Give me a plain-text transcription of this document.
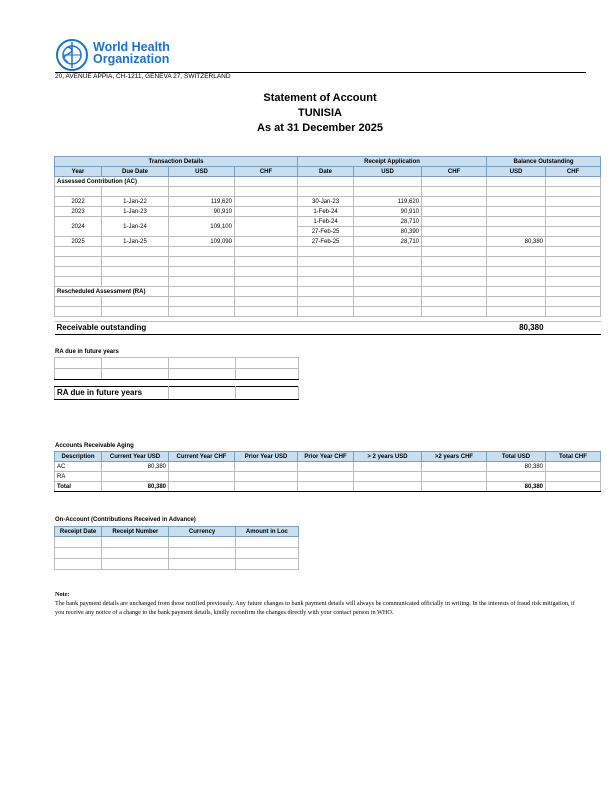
World Health
Organization
20, AVENUE APPIA, CH-1211, GENEVA 27, SWITZERLAND
Statement of Account
TUNISIA
As at 31 December 2025
Transaction Details				Receipt Application			Balance Outstanding	
Year	Due Date	USD	CHF	Date	USD	CHF	USD	CHF
Assessed Contribution (AC)								

2022	1-Jan-22	119,620		30-Jan-23	119,620			
2023	1-Jan-23	90,910		1-Feb-24	90,910			
2024	1-Jan-24	109,100		1-Feb-24	28,710			
				27-Feb-25	80,390			
2025	1-Jan-25	109,090		27-Feb-25	28,710		80,380	

Rescheduled Assessment (RA)								

Receivable outstanding							80,380	
RA due in future years

RA due in future years		
Accounts Receivable Aging
Description	Current Year USD	Current Year CHF	Prior Year USD	Prior Year CHF	> 2 years USD	>2 years CHF	Total USD	Total CHF
AC	80,380						80,380	
RA								
Total	80,380						80,380	
On-Account (Contributions Received in Advance)
Receipt Date	Receipt Number	Currency	Amount in Loc

Note:
The bank payment details are unchanged from those notified previously. Any future changes to bank payment details will always be communicated officially in writing. In the interests of fraud risk mitigation, if you receive any notice of a change to the bank payment details, kindly reconfirm the changes directly with your contact person in WHO.
